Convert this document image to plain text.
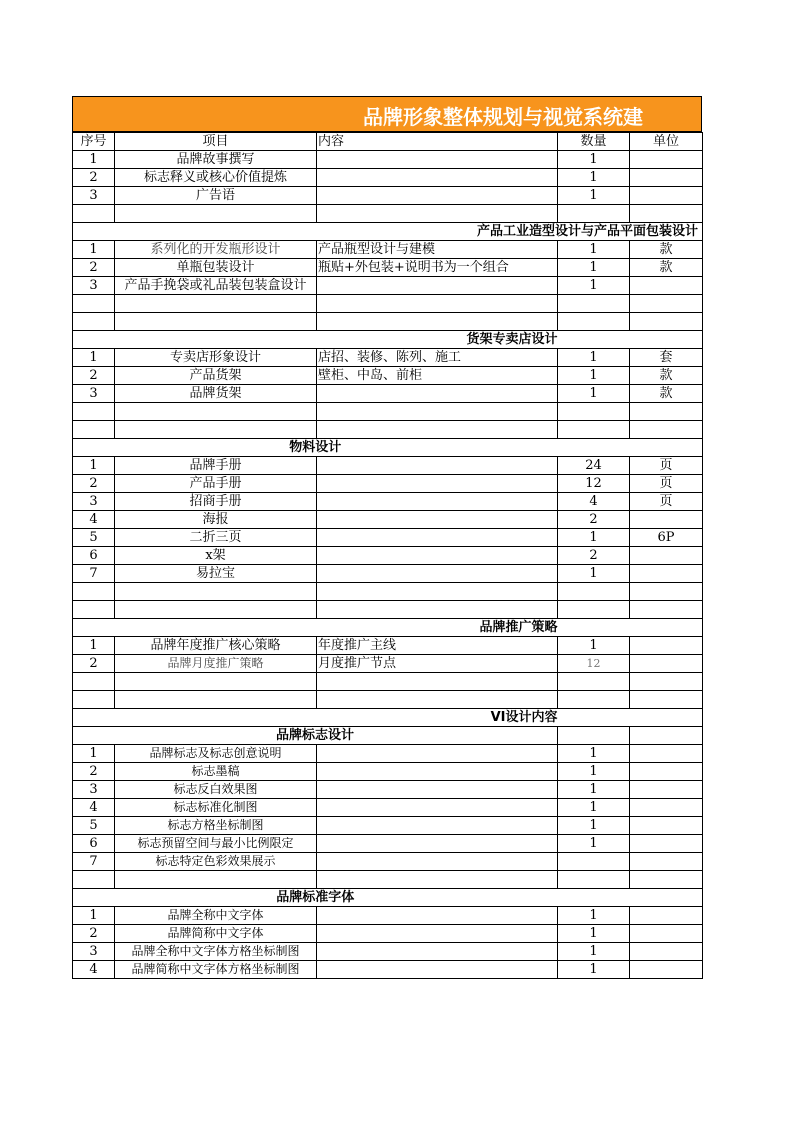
品牌形象整体规划与视觉系统建
序号	项目	内容	数量	单位
1	品牌故事撰写		1	
2	标志释义或核心价值提炼		1	
3	广告语		1	

产品工业造型设计与产品平面包装设计				
1	系列化的开发瓶形设计	产品瓶型设计与建模	1	款
2	单瓶包装设计	瓶贴+外包装+说明书为一个组合	1	款
3	产品手挽袋或礼品装包装盒设计		1	

货架专卖店设计				
1	专卖店形象设计	店招、装修、陈列、施工	1	套
2	产品货架	壁柜、中岛、前柜	1	款
3	品牌货架		1	款

物料设计				
1	品牌手册		24	页
2	产品手册		12	页
3	招商手册		4	页
4	海报		2	
5	二折三页		1	6P
6	x架		2	
7	易拉宝		1	

品牌推广策略				
1	品牌年度推广核心策略	年度推广主线	1	
2	品牌月度推广策略	月度推广节点	12	

VI设计内容				
品牌标志设计				
1	品牌标志及标志创意说明		1	
2	标志墨稿		1	
3	标志反白效果图		1	
4	标志标准化制图		1	
5	标志方格坐标制图		1	
6	标志预留空间与最小比例限定		1	
7	标志特定色彩效果展示			

品牌标准字体				
1	品牌全称中文字体		1	
2	品牌简称中文字体		1	
3	品牌全称中文字体方格坐标制图		1	
4	品牌简称中文字体方格坐标制图		1	
